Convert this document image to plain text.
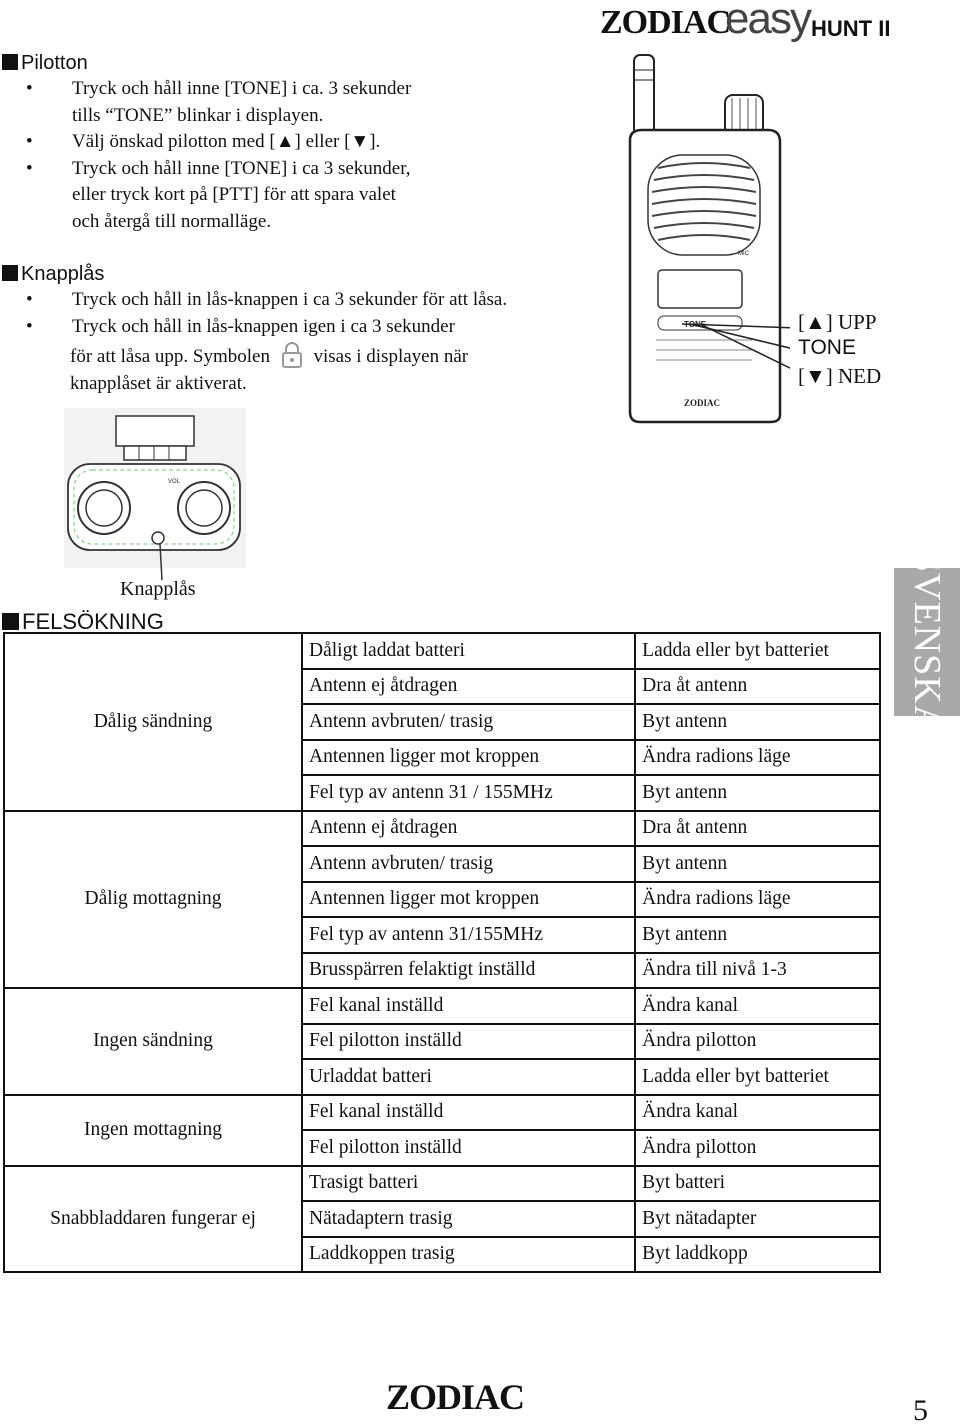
ZODIAC
easy HUNT II
Pilotton
• Tryck och håll inne [TONE] i ca. 3 sekunder
tills “TONE” blinkar i displayen.
• Välj önskad pilotton med [▲] eller [▼].
• Tryck och håll inne [TONE] i ca 3 sekunder,
eller tryck kort på [PTT] för att spara valet
och återgå till normalläge.
Knapplås
• Tryck och håll in lås-knappen i ca 3 sekunder för att låsa.
• Tryck och håll in lås-knappen igen i ca 3 sekunder
för att låsa upp. Symbolen visas i displayen när
knapplåset är aktiverat.
MIC
ZODIAC
[▲] UPP
TONE
[▼] NED
VOL
Knapplås
FELSÖKNING
Dålig sändning	Dåligt laddat batteri	Ladda eller byt batteriet
	Antenn ej åtdragen	Dra åt antenn
	Antenn avbruten/ trasig	Byt antenn
	Antennen ligger mot kroppen	Ändra radions läge
	Fel typ av antenn 31 / 155MHz	Byt antenn
Dålig mottagning	Antenn ej åtdragen	Dra åt antenn
	Antenn avbruten/ trasig	Byt antenn
	Antennen ligger mot kroppen	Ändra radions läge
	Fel typ av antenn 31/155MHz	Byt antenn
	Brusspärren felaktigt inställd	Ändra till nivå 1-3
Ingen sändning	Fel kanal inställd	Ändra kanal
	Fel pilotton inställd	Ändra pilotton
	Urladdat batteri	Ladda eller byt batteriet
Ingen mottagning	Fel kanal inställd	Ändra kanal
	Fel pilotton inställd	Ändra pilotton
Snabbladdaren fungerar ej	Trasigt batteri	Byt batteri
	Nätadaptern trasig	Byt nätadapter
	Laddkoppen trasig	Byt laddkopp
SVENSKA
ZODIAC	5
